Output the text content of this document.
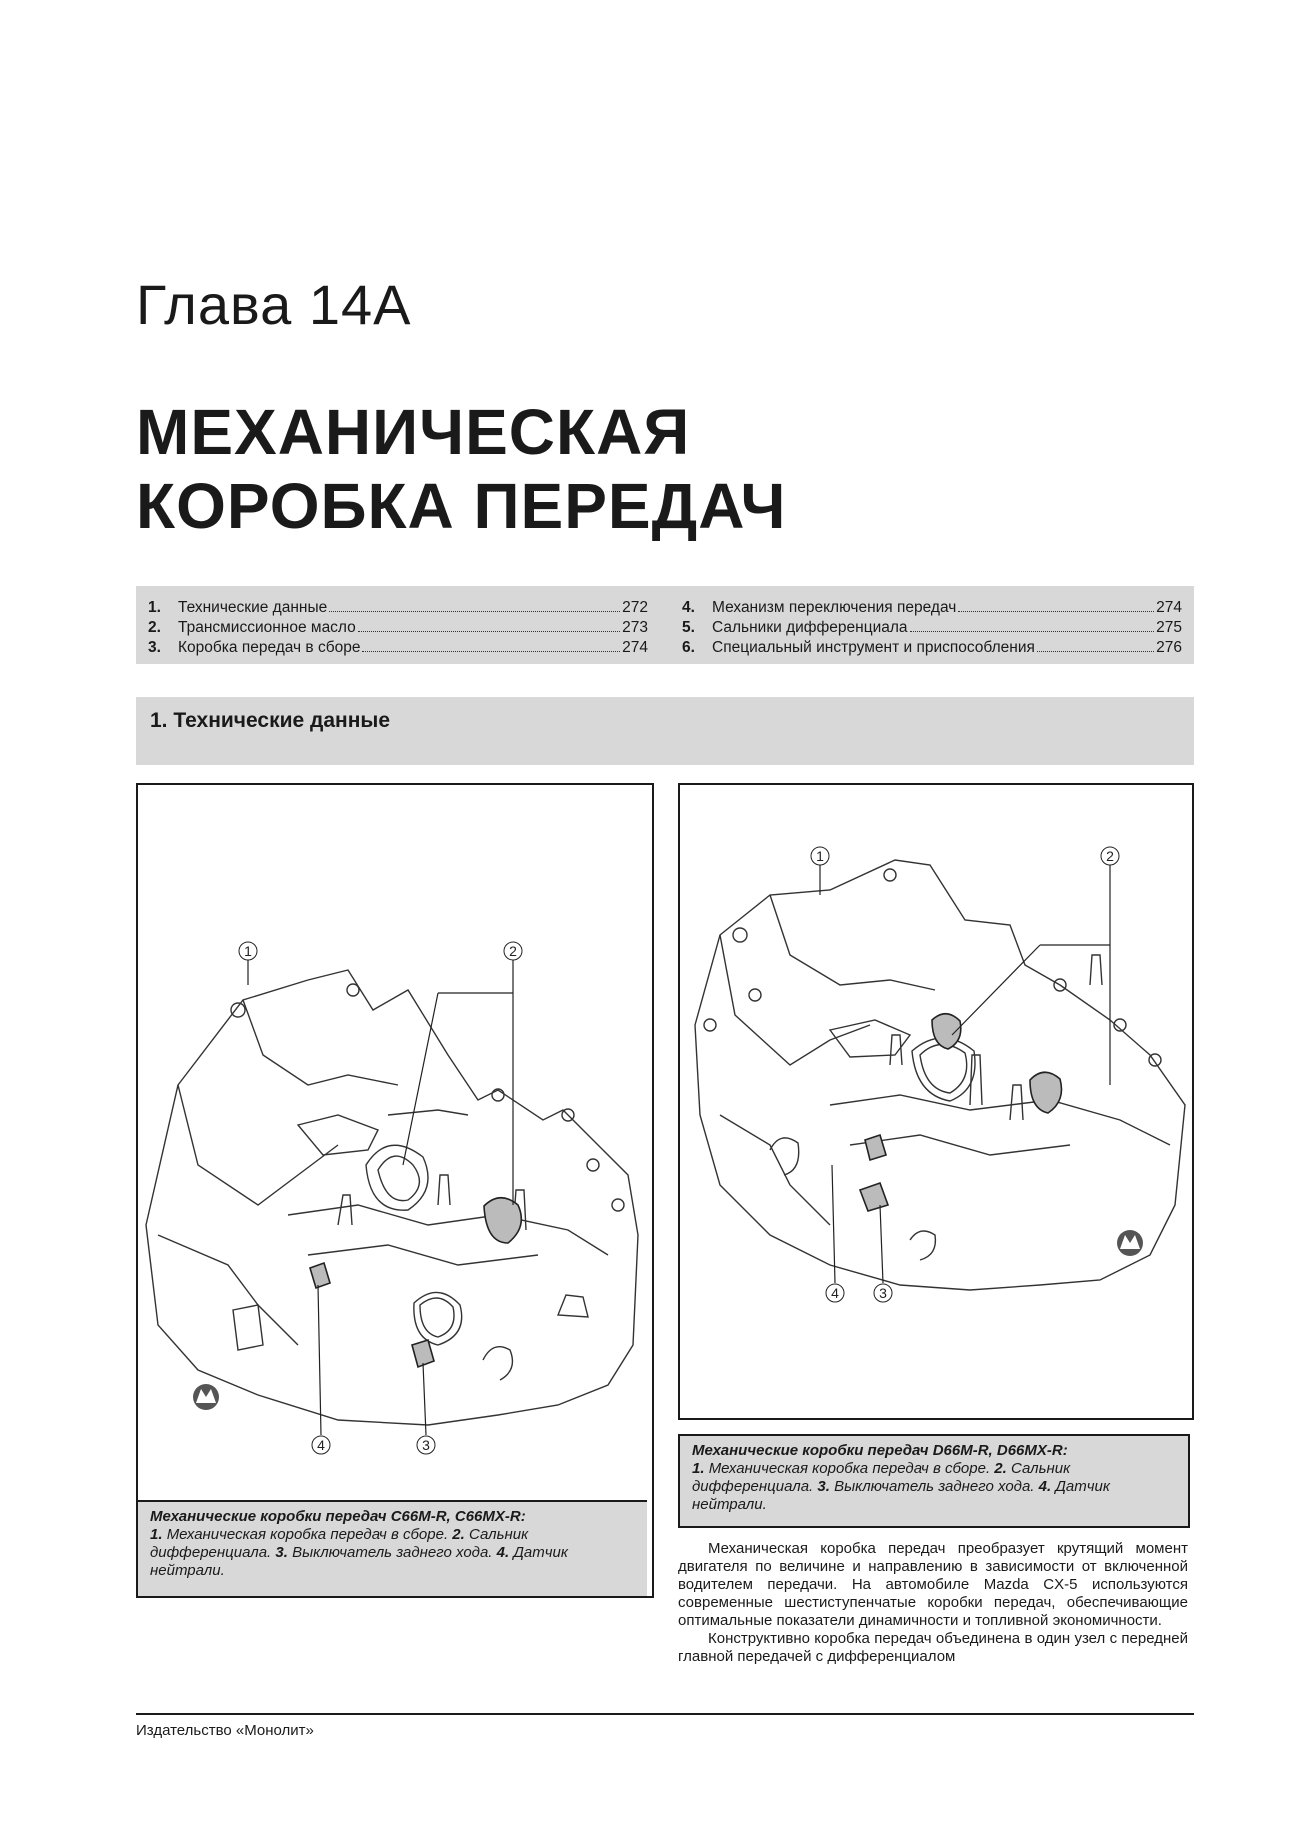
Глава 14А
МЕХАНИЧЕСКАЯ
КОРОБКА ПЕРЕДАЧ
1.	Технические данные	272
2.	Трансмиссионное масло	273
3.	Коробка передач в сборе	274
4.	Механизм переключения передач	274
5.	Сальники дифференциала	275
6.	Специальный инструмент и приспособления	276
1. Технические данные
1	2
3
4
Механические коробки передач C66M-R, C66MX-R:
1. Механическая коробка передач в сборе. 2. Сальник дифференциала. 3. Выключатель заднего хода. 4. Датчик нейтрали.
1	2
3
4
Механические коробки передач D66M-R, D66MX-R:
1. Механическая коробка передач в сборе. 2. Сальник дифференциала. 3. Выключатель заднего хода. 4. Датчик нейтрали.

Механическая коробка передач преобразует крутящий момент двигателя по величине и направлению в зависимости от включенной водителем передачи. На автомобиле Mazda CX-5 используются современные шестиступенчатые коробки передач, обеспечивающие оптимальные показатели динамичности и топливной экономичности.

Конструктивно коробка передач объединена в один узел с передней главной передачей с дифференциалом

Издательство «Монолит»
